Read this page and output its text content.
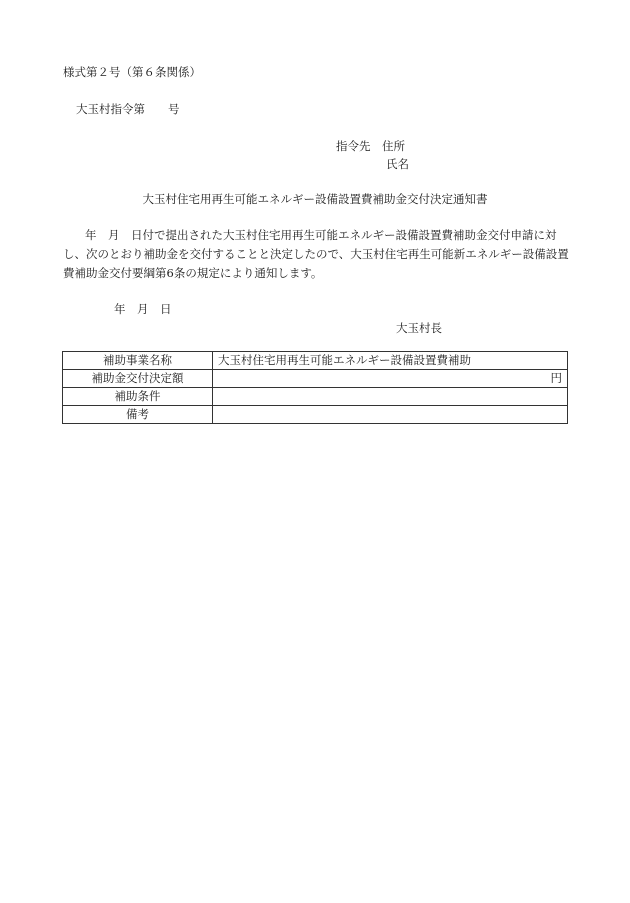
様式第２号（第６条関係）
大玉村指令第　　号
指令先　住所
氏名
大玉村住宅用再生可能エネルギー設備設置費補助金交付決定通知書
年　月　日付で提出された大玉村住宅用再生可能エネルギー設備設置費補助金交付申請に対し、次のとおり補助金を交付することと決定したので、大玉村住宅再生可能新エネルギー設備設置費補助金交付要綱第6条の規定により通知します。
年　月　日
大玉村長
補助事業名称	大玉村住宅用再生可能エネルギー設備設置費補助
補助金交付決定額	円
補助条件	
備考	
